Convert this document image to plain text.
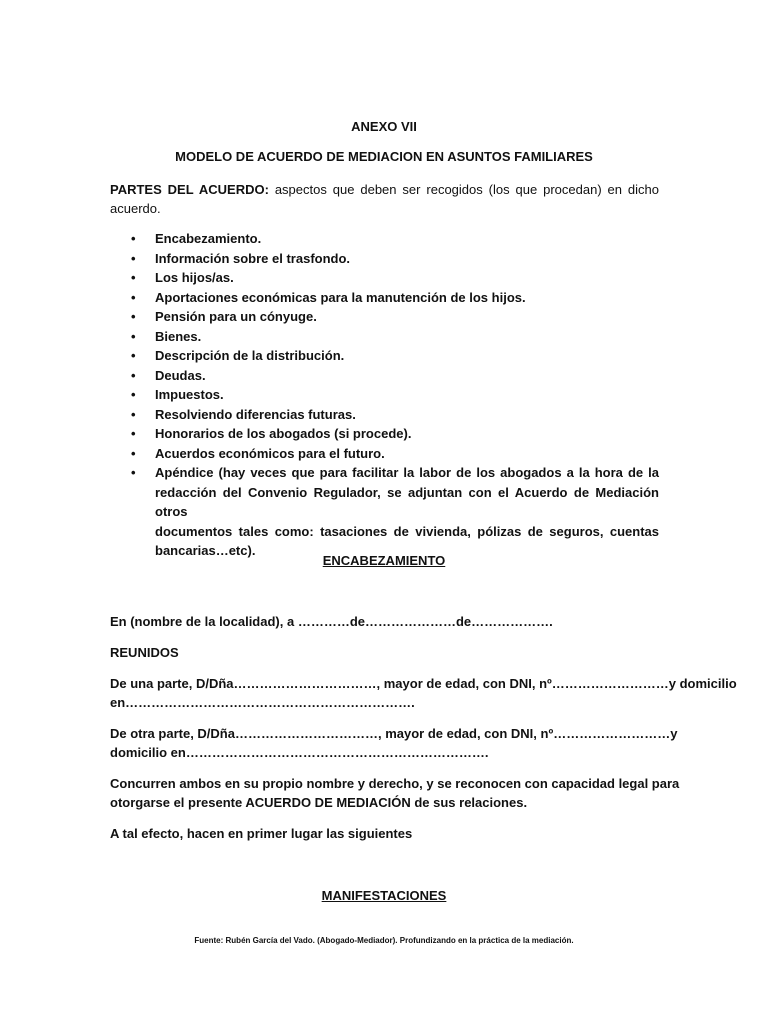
ANEXO VII
MODELO DE ACUERDO DE MEDIACION EN ASUNTOS FAMILIARES
PARTES DEL ACUERDO: aspectos que deben ser recogidos (los que procedan) en dicho
acuerdo.
• Encabezamiento.
• Información sobre el trasfondo.
• Los hijos/as.
• Aportaciones económicas para la manutención de los hijos.
• Pensión para un cónyuge.
• Bienes.
• Descripción de la distribución.
• Deudas.
• Impuestos.
• Resolviendo diferencias futuras.
• Honorarios de los abogados (si procede).
• Acuerdos económicos para el futuro.
• Apéndice (hay veces que para facilitar la labor de los abogados a la hora de la
redacción del Convenio Regulador, se adjuntan con el Acuerdo de Mediación otros
documentos tales como: tasaciones de vivienda, pólizas de seguros, cuentas
bancarias…etc).
ENCABEZAMIENTO
En (nombre de la localidad), a …………de…………………de……………….
REUNIDOS
De una parte, D/Dña……………………………, mayor de edad, con DNI, nº………………………y domicilio
en………………………………………………………….
De otra parte, D/Dña……………………………, mayor de edad, con DNI, nº………………………y
domicilio en…………………………………………………………….
Concurren ambos en su propio nombre y derecho, y se reconocen con capacidad legal para
otorgarse el presente ACUERDO DE MEDIACIÓN de sus relaciones.
A tal efecto, hacen en primer lugar las siguientes
MANIFESTACIONES
Fuente: Rubén García del Vado. (Abogado-Mediador). Profundizando en la práctica de la mediación.
